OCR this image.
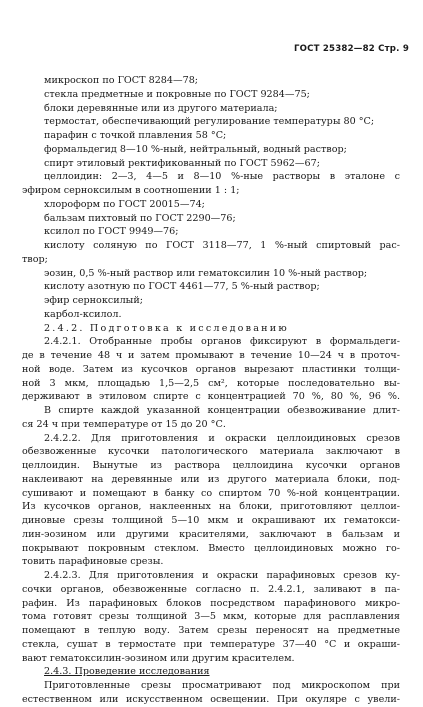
ГОСТ 25382—82 Стр. 9
микроскоп по ГОСТ 8284—78;
стекла предметные и покровные по ГОСТ 9284—75;
блоки деревянные или из другого материала;
термостат, обеспечивающий регулирование температуры 80 °С;
парафин с точкой плавления 58 °С;
формальдегид 8—10 %-ный, нейтральный, водный раствор;
спирт этиловый ректификованный по ГОСТ 5962—67;
целлоидин: 2—3, 4—5 и 8—10 %-ные растворы в эталоне с
эфиром серноксилым в соотношении 1 : 1;
хлороформ по ГОСТ 20015—74;
бальзам пихтовый по ГОСТ 2290—76;
ксилол по ГОСТ 9949—76;
кислоту соляную по ГОСТ 3118—77, 1 %-ный спиртовый рас-
твор;
эозин, 0,5 %-ный раствор или гематоксилин 10 %-ный раствор;
кислоту азотную по ГОСТ 4461—77, 5 %-ный раствор;
эфир серноксилый;
карбол-ксилол.
2.4.2. Подготовка к исследованию
2.4.2.1. Отобранные пробы органов фиксируют в формальдеги-
де в течение 48 ч и затем промывают в течение 10—24 ч в проточ-
ной воде. Затем из кусочков органов вырезают пластинки толщи-
ной 3 мкм, площадью 1,5—2,5 см², которые последовательно вы-
держивают в этиловом спирте с концентрацией 70 %, 80 %, 96 %.
В спирте каждой указанной концентрации обезвоживание длит-
ся 24 ч при температуре от 15 до 20 °С.
2.4.2.2. Для приготовления и окраски целлоидиновых срезов
обезвоженные кусочки патологического материала заключают в
целлоидин. Вынутые из раствора целлоидина кусочки органов
наклеивают на деревянные или из другого материала блоки, под-
сушивают и помещают в банку со спиртом 70 %-ной концентрации.
Из кусочков органов, наклеенных на блоки, приготовляют целлои-
диновые срезы толщиной 5—10 мкм и окрашивают их гематокси-
лин-эозином или другими красителями, заключают в бальзам и
покрывают покровным стеклом. Вместо целлоидиновых можно го-
товить парафиновые срезы.
2.4.2.3. Для приготовления и окраски парафиновых срезов ку-
сочки органов, обезвоженные согласно п. 2.4.2.1, заливают в па-
рафин. Из парафиновых блоков посредством парафинового микро-
тома готовят срезы толщиной 3—5 мкм, которые для расплавления
помещают в теплую воду. Затем срезы переносят на предметные
стекла, сушат в термостате при температуре 37—40 °С и окраши-
вают гематоксилин-эозином или другим красителем.
2.4.3. Проведение исследования
Приготовленные срезы просматривают под микроскопом при
естественном или искусственном освещении. При окуляре с увели-
